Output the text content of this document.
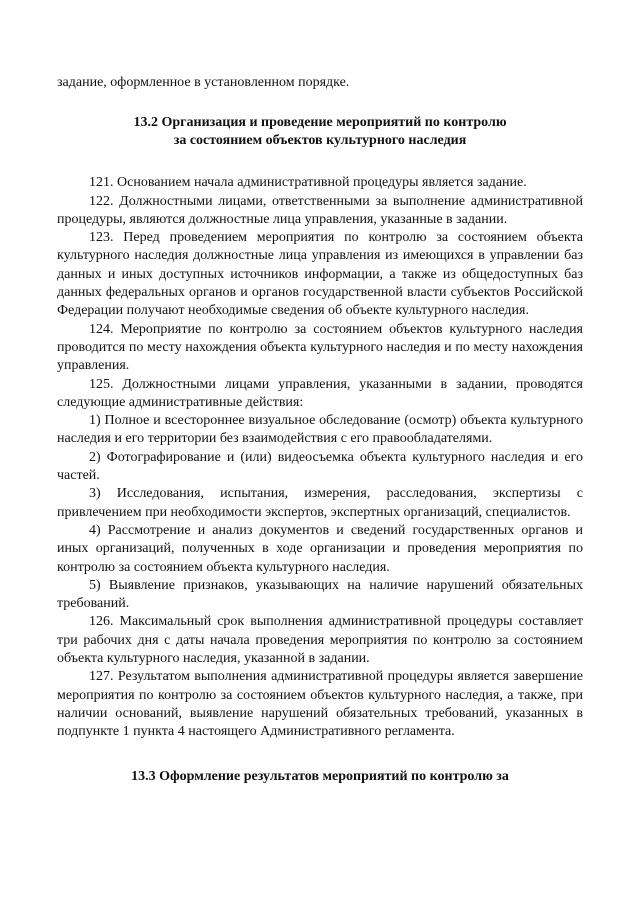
задание, оформленное в установленном порядке.

13.2 Организация и проведение мероприятий по контролю
за состоянием объектов культурного наследия

121. Основанием начала административной процедуры является задание.

122. Должностными лицами, ответственными за выполнение административной процедуры, являются должностные лица управления, указанные в задании.

123. Перед проведением мероприятия по контролю за состоянием объекта культурного наследия должностные лица управления из имеющихся в управлении баз данных и иных доступных источников информации, а также из общедоступных баз данных федеральных органов и органов государственной власти субъектов Российской Федерации получают необходимые сведения об объекте культурного наследия.

124. Мероприятие по контролю за состоянием объектов культурного наследия проводится по месту нахождения объекта культурного наследия и по месту нахождения управления.

125. Должностными лицами управления, указанными в задании, проводятся следующие административные действия:

1) Полное и всестороннее визуальное обследование (осмотр) объекта культурного наследия и его территории без взаимодействия с его правообладателями.

2) Фотографирование и (или) видеосъемка объекта культурного наследия и его частей.

3) Исследования, испытания, измерения, расследования, экспертизы с привлечением при необходимости экспертов, экспертных организаций, специалистов.

4) Рассмотрение и анализ документов и сведений государственных органов и иных организаций, полученных в ходе организации и проведения мероприятия по контролю за состоянием объекта культурного наследия.

5) Выявление признаков, указывающих на наличие нарушений обязательных требований.

126. Максимальный срок выполнения административной процедуры составляет три рабочих дня с даты начала проведения мероприятия по контролю за состоянием объекта культурного наследия, указанной в задании.

127. Результатом выполнения административной процедуры является завершение мероприятия по контролю за состоянием объектов культурного наследия, а также, при наличии оснований, выявление нарушений обязательных требований, указанных в подпункте 1 пункта 4 настоящего Административного регламента.

13.3 Оформление результатов мероприятий по контролю за
